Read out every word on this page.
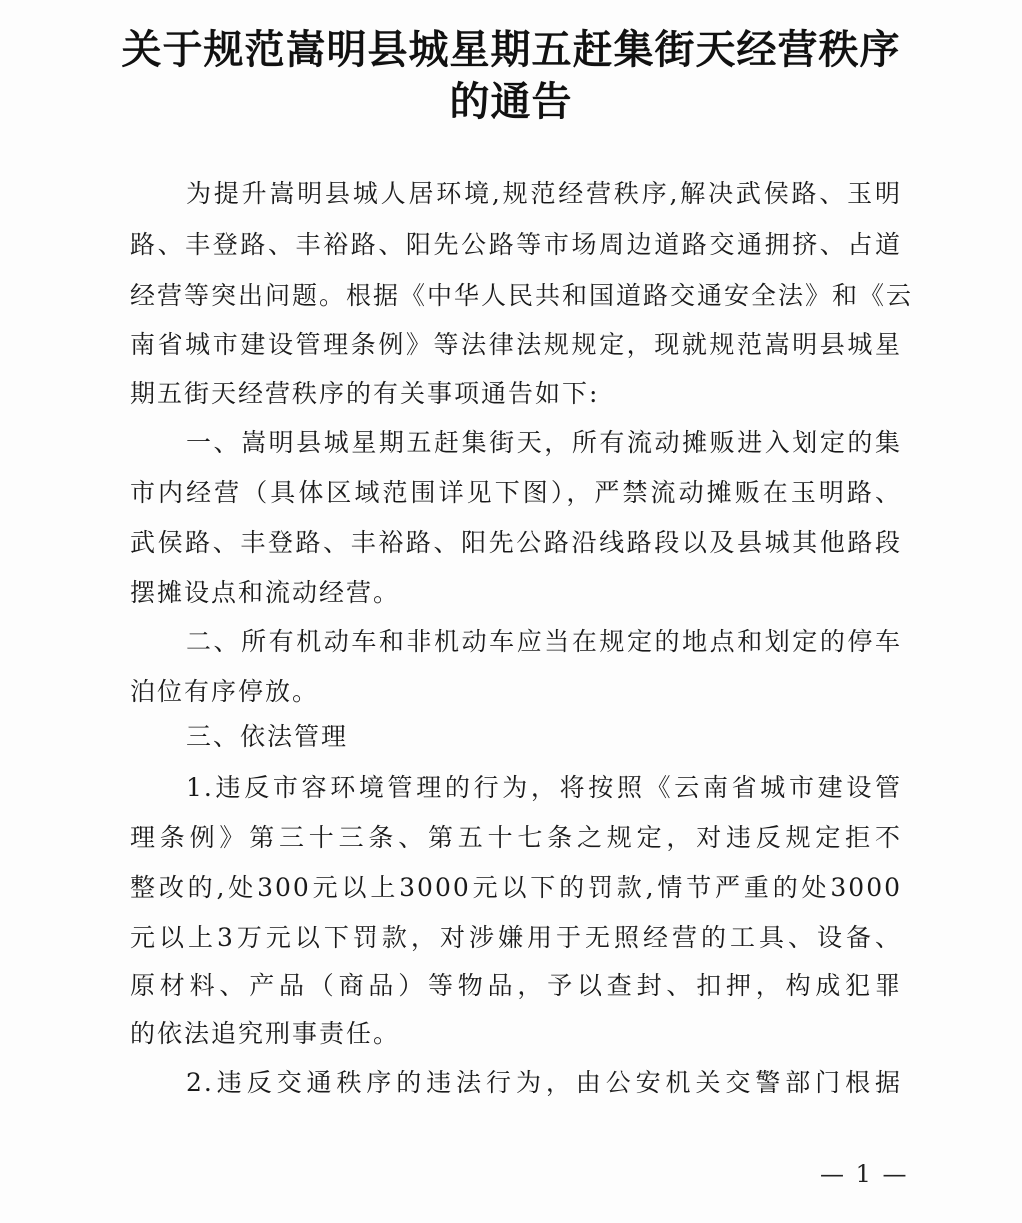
关于规范嵩明县城星期五赶集街天经营秩序
的通告

为提升嵩明县城人居环境,规范经营秩序,解决武侯路、玉明

路、丰登路、丰裕路、阳先公路等市场周边道路交通拥挤、占道

经营等突出问题。根据《中华人民共和国道路交通安全法》和《云

南省城市建设管理条例》等法律法规规定，现就规范嵩明县城星

期五街天经营秩序的有关事项通告如下:

一、嵩明县城星期五赶集街天，所有流动摊贩进入划定的集

市内经营（具体区域范围详见下图），严禁流动摊贩在玉明路、

武侯路、丰登路、丰裕路、阳先公路沿线路段以及县城其他路段

摆摊设点和流动经营。

二、所有机动车和非机动车应当在规定的地点和划定的停车

泊位有序停放。

三、依法管理

1.违反市容环境管理的行为，将按照《云南省城市建设管

理条例》第三十三条、第五十七条之规定，对违反规定拒不

整改的,处300元以上3000元以下的罚款,情节严重的处3000

元以上3万元以下罚款，对涉嫌用于无照经营的工具、设备、

原材料、产品（商品）等物品，予以查封、扣押，构成犯罪

的依法追究刑事责任。

2.违反交通秩序的违法行为，由公安机关交警部门根据

— 1 —
